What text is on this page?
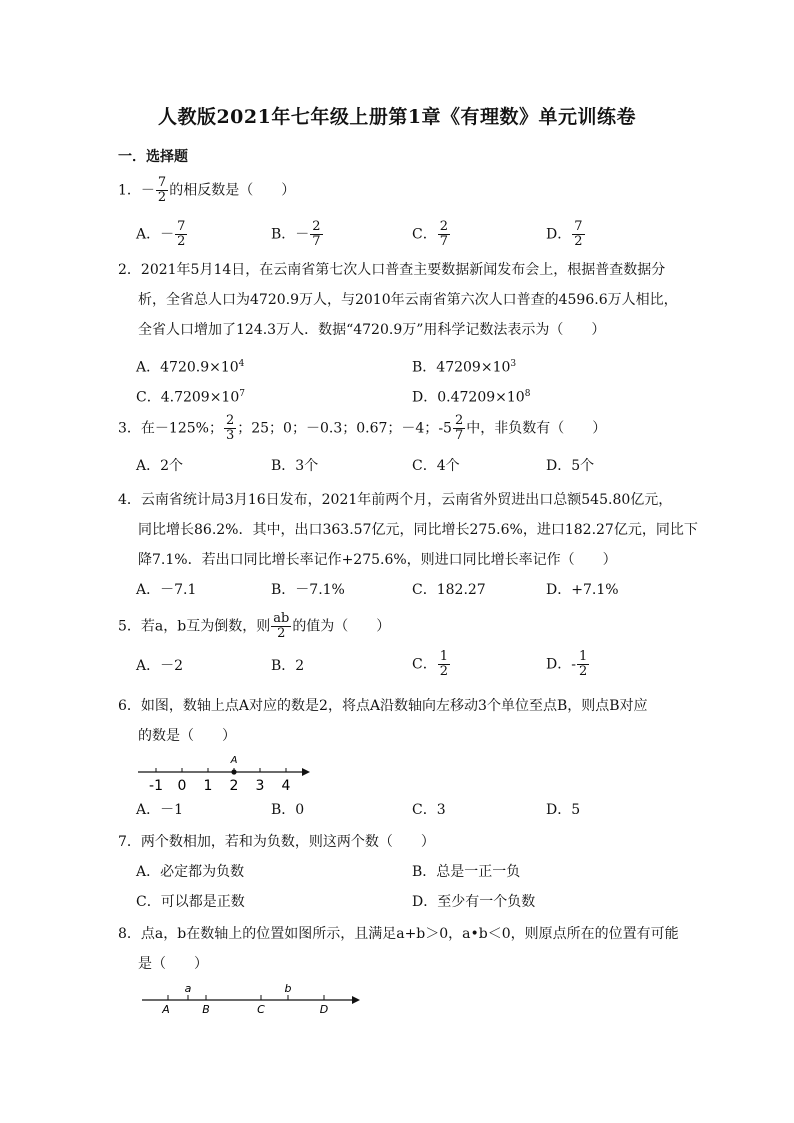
人教版2021年七年级上册第1章《有理数》单元训练卷
一．选择题
1．－ $\frac{7}{2}$ 的相反数是（　　）
A．－ $\frac{7}{2}$	B．－ $\frac{2}{7}$	C． $\frac{2}{7}$	D． $\frac{7}{2}$
2．2021年5月14日，在云南省第七次人口普查主要数据新闻发布会上，根据普查数据分
析，全省总人口为4720.9万人，与2010年云南省第六次人口普查的4596.6万人相比，
全省人口增加了124.3万人．数据“4720.9万”用科学记数法表示为（　　）
A．$4720.9\times 10^4$	B．$47209\times 10^3$
C．$4.7209\times 10^7$	D．$0.47209\times 10^8$
3．在－125%； $\frac{2}{3}$ ；25；0；－0.3；0.67；－4；$-5 \frac{2}{7}$ 中，非负数有（　　）
A．2个	B．3个	C．4个	D．5个
4．云南省统计局3月16日发布，2021年前两个月，云南省外贸进出口总额545.80亿元，
同比增长86.2%．其中，出口363.57亿元，同比增长275.6%，进口182.27亿元，同比下
降7.1%．若出口同比增长率记作+275.6%，则进口同比增长率记作（　　）
A．－7.1	B．－7.1%	C．182.27	D．+7.1%
5．若a，b互为倒数，则 $\frac{ab}{2}$ 的值为（　　）
A．－2	B．2	C． $\frac{1}{2}$	D．- $\frac{1}{2}$
6．如图，数轴上点A对应的数是2，将点A沿数轴向左移动3个单位至点B，则点B对应
的数是（　　）
A
-1 0 1 2 3 4
A．－1	B．0	C．3	D．5
7．两个数相加，若和为负数，则这两个数（　　）
A．必定都为负数	B．总是一正一负
C．可以都是正数	D．至少有一个负数
8．点a，b在数轴上的位置如图所示，且满足a+b＞0，a•b＜0，则原点所在的位置有可能
是（　　）
a	b
A	B	C	D
